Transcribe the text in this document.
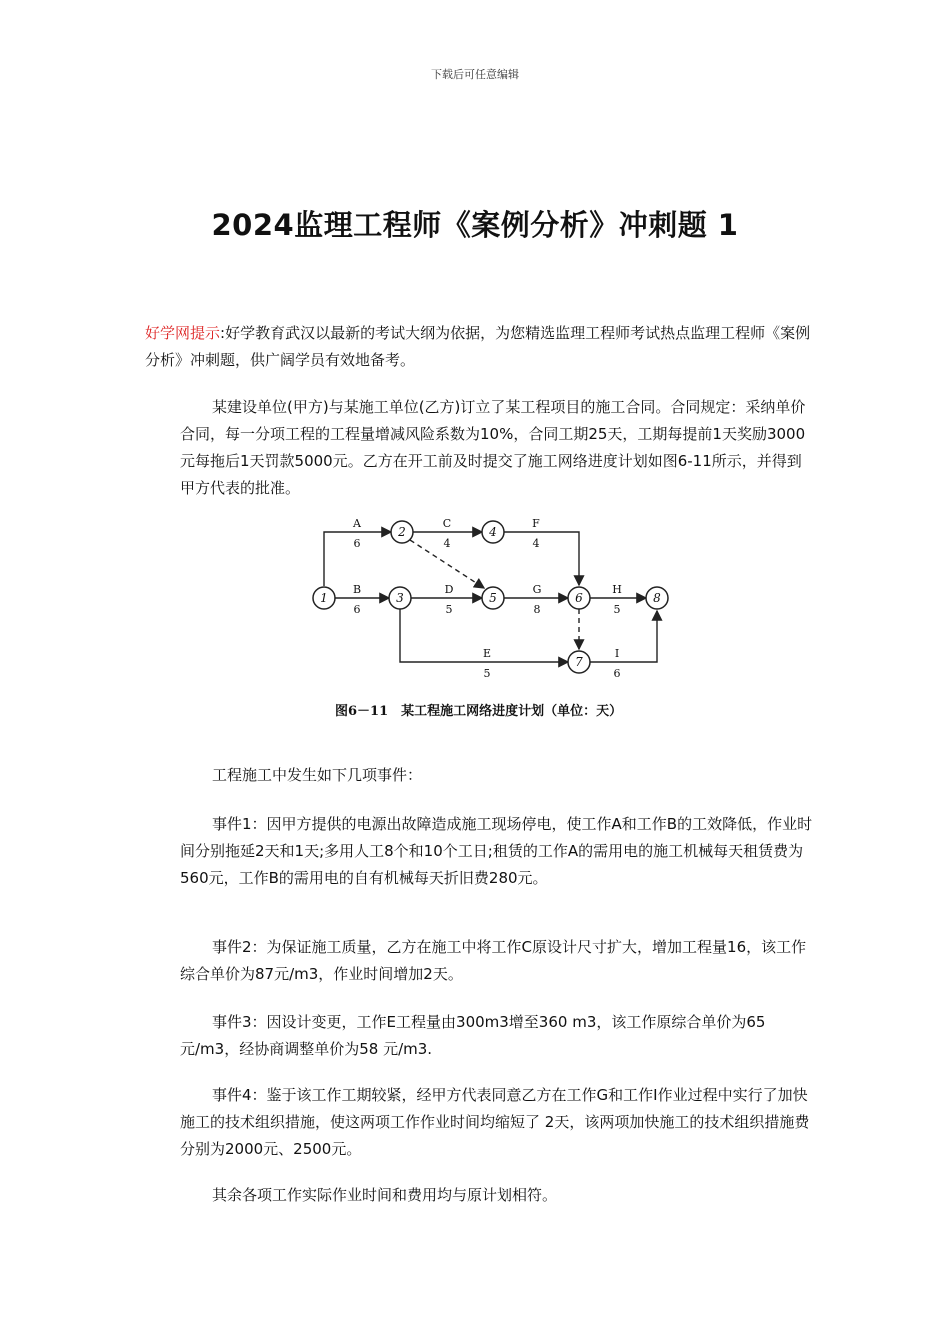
下载后可任意编辑
2024监理工程师《案例分析》冲刺题 1
好学网提示:好学教育武汉以最新的考试大纲为依据，为您精选监理工程师考试热点监理工程师《案例分析》冲刺题，供广阔学员有效地备考。
某建设单位(甲方)与某施工单位(乙方)订立了某工程项目的施工合同。合同规定：采纳单价合同，每一分项工程的工程量增减风险系数为10%，合同工期25天，工期每提前1天奖励3000元每拖后1天罚款5000元。乙方在开工前及时提交了施工网络进度计划如图6-11所示，并得到甲方代表的批准。
1
2
3
4
5	6
7
8
A
6
B
6
C
4
F
4
D
5
G
8
H
5
E
5
I
6
图6－11　某工程施工网络进度计划（单位：天）
工程施工中发生如下几项事件：
事件1：因甲方提供的电源出故障造成施工现场停电，使工作A和工作B的工效降低，作业时间分别拖延2天和1天;多用人工8个和10个工日;租赁的工作A的需用电的施工机械每天租赁费为560元，工作B的需用电的自有机械每天折旧费280元。
事件2：为保证施工质量，乙方在施工中将工作C原设计尺寸扩大，增加工程量16，该工作综合单价为87元/m3，作业时间增加2天。
事件3：因设计变更，工作E工程量由300m3增至360 m3，该工作原综合单价为65元/m3，经协商调整单价为58 元/m3.
事件4：鉴于该工作工期较紧，经甲方代表同意乙方在工作G和工作I作业过程中实行了加快施工的技术组织措施，使这两项工作作业时间均缩短了 2天，该两项加快施工的技术组织措施费分别为2000元、2500元。
其余各项工作实际作业时间和费用均与原计划相符。
